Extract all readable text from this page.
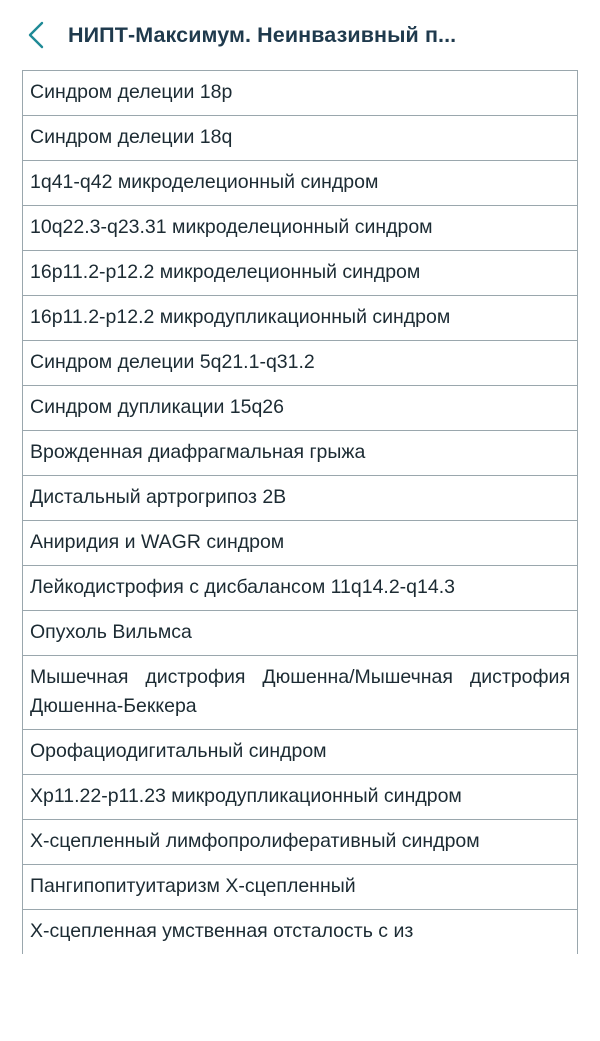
НИПТ-Максимум. Неинвазивный п...
Синдром делеции 18p
Синдром делеции 18q
1q41-q42 микроделеционный синдром
10q22.3-q23.31 микроделеционный синдром
16p11.2-p12.2 микроделеционный синдром
16p11.2-p12.2 микродупликационный синдром
Синдром делеции 5q21.1-q31.2
Синдром дупликации 15q26
Врожденная диафрагмальная грыжа
Дистальный артрогрипоз 2B
Аниридия и WAGR синдром
Лейкодистрофия с дисбалансом 11q14.2-q14.3
Опухоль Вильмса
Мышечная дистрофия Дюшенна/Мышечная дистрофия Дюшенна-Беккера
Орофациодигитальный синдром
Xp11.22-p11.23 микродупликационный синдром
X-сцепленный лимфопролиферативный синдром
Пангипопитуитаризм X-сцепленный
X-сцепленная умственная отсталость с из
